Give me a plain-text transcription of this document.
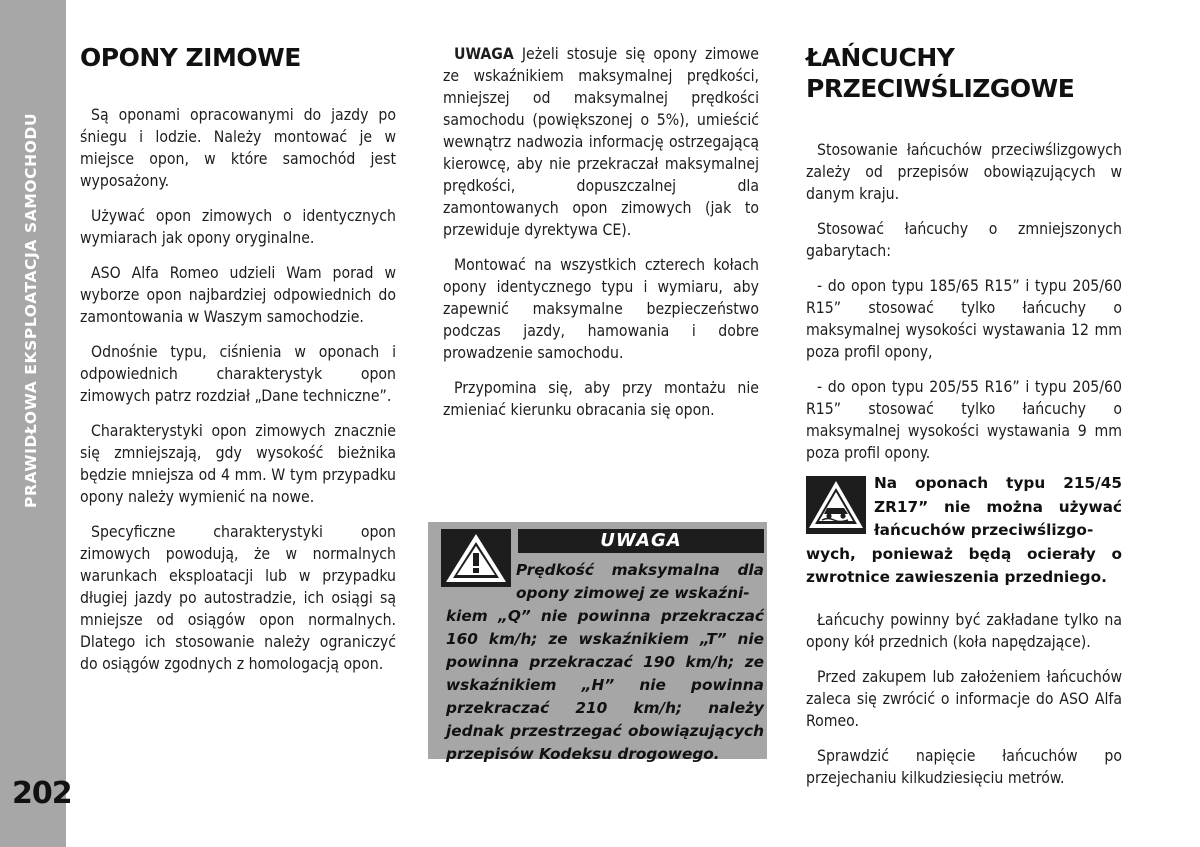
PRAWIDŁOWA EKSPLOATACJA SAMOCHODU
202
OPONY ZIMOWE

Są oponami opracowanymi do jazdy po śniegu i lodzie. Należy montować je w miejsce opon, w które samochód jest wyposażony.

Używać opon zimowych o identycznych wymiarach jak opony oryginalne.

ASO Alfa Romeo udzieli Wam porad w wyborze opon najbardziej odpowiednich do zamontowania w Waszym samochodzie.

Odnośnie typu, ciśnienia w oponach i odpowiednich charakterystyk opon zimowych patrz rozdział „Dane techniczne”.

Charakterystyki opon zimowych znacznie się zmniejszają, gdy wysokość bieżnika będzie mniejsza od 4 mm. W tym przypadku opony należy wymienić na nowe.

Specyficzne charakterystyki opon zimowych powodują, że w normalnych warunkach eksploatacji lub w przypadku długiej jazdy po autostradzie, ich osiągi są mniejsze od osiągów opon normalnych. Dlatego ich stosowanie należy ograniczyć do osiągów zgodnych z homologacją opon.

UWAGA Jeżeli stosuje się opony zimowe ze wskaźnikiem maksymalnej prędkości, mniejszej od maksymalnej prędkości samochodu (powiększonej o 5%), umieścić wewnątrz nadwozia informację ostrzegającą kierowcę, aby nie przekraczał maksymalnej prędkości, dopuszczalnej dla zamontowanych opon zimowych (jak to przewiduje dyrektywa CE).

Montować na wszystkich czterech kołach opony identycznego typu i wymiaru, aby zapewnić maksymalne bezpieczeństwo podczas jazdy, hamowania i dobre prowadzenie samochodu.

Przypomina się, aby przy montażu nie zmieniać kierunku obracania się opon.

UWAGA
Prędkość maksymalna dla opony zimowej ze wskaźni-
kiem „Q” nie powinna przekraczać 160 km/h; ze wskaźnikiem „T” nie powinna przekraczać 190 km/h; ze wskaźnikiem „H” nie powinna przekraczać 210 km/h; należy jednak przestrzegać obowiązujących przepisów Kodeksu drogowego.
ŁAŃCUCHY
PRZECIWŚLIZGOWE

Stosowanie łańcuchów przeciwślizgowych zależy od przepisów obowiązujących w danym kraju.

Stosować łańcuchy o zmniejszonych gabarytach:

- do opon typu 185/65 R15” i typu 205/60 R15” stosować tylko łańcuchy o maksymalnej wysokości wystawania 12 mm poza profil opony,

- do opon typu 205/55 R16” i typu 205/60 R15” stosować tylko łańcuchy o maksymalnej wysokości wystawania 9 mm poza profil opony.

Łańcuchy powinny być zakładane tylko na opony kół przednich (koła napędzające).

Przed zakupem lub założeniem łańcuchów zaleca się zwrócić o informacje do ASO Alfa Romeo.

Sprawdzić napięcie łańcuchów po przejechaniu kilkudziesięciu metrów.

Na oponach typu 215/45 ZR17” nie można używać łańcuchów przeciwślizgo-
wych, ponieważ będą ocierały o zwrotnice zawieszenia przedniego.
